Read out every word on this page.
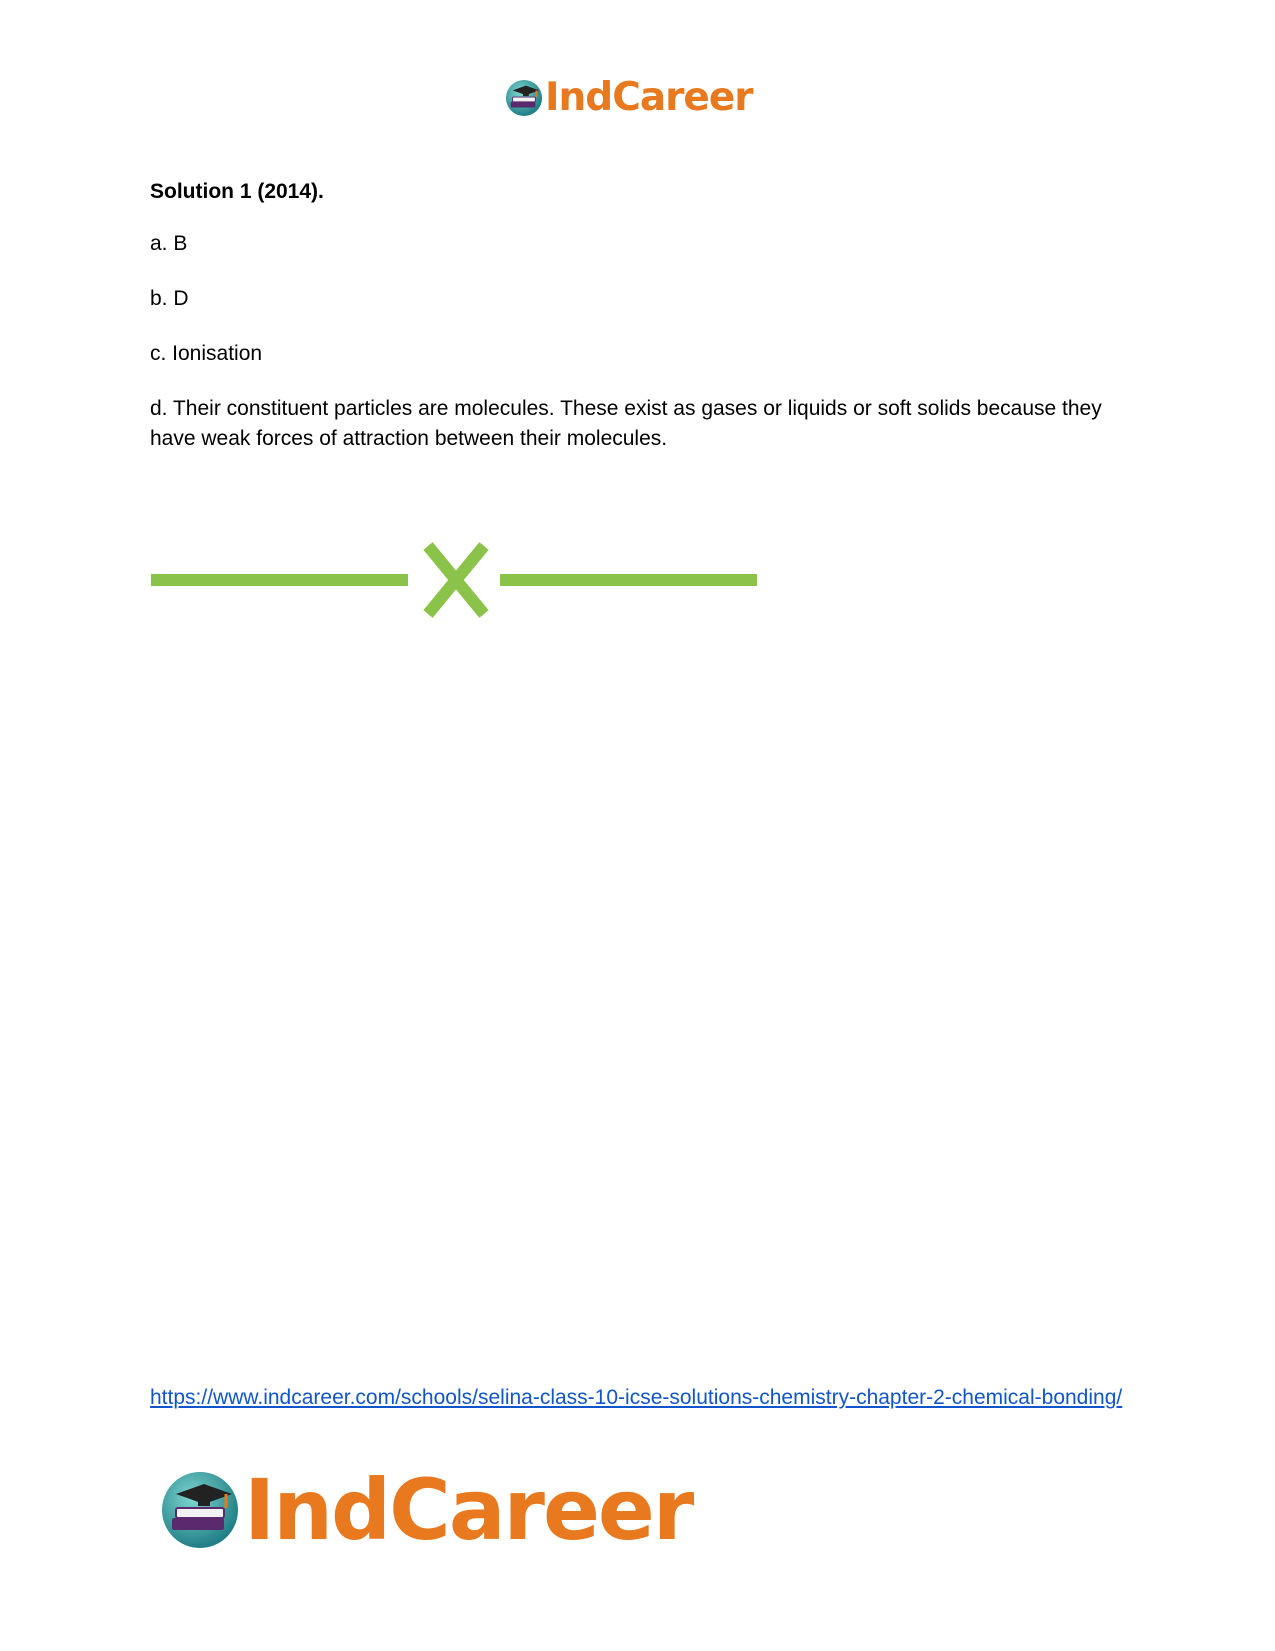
IndCareer

Solution 1 (2014).

a. B

b. D

c. Ionisation

d. Their constituent particles are molecules. These exist as gases or liquids or soft solids because they have weak forces of attraction between their molecules.

https://www.indcareer.com/schools/selina-class-10-icse-solutions-chemistry-chapter-2-chemical-bonding/
IndCareer
